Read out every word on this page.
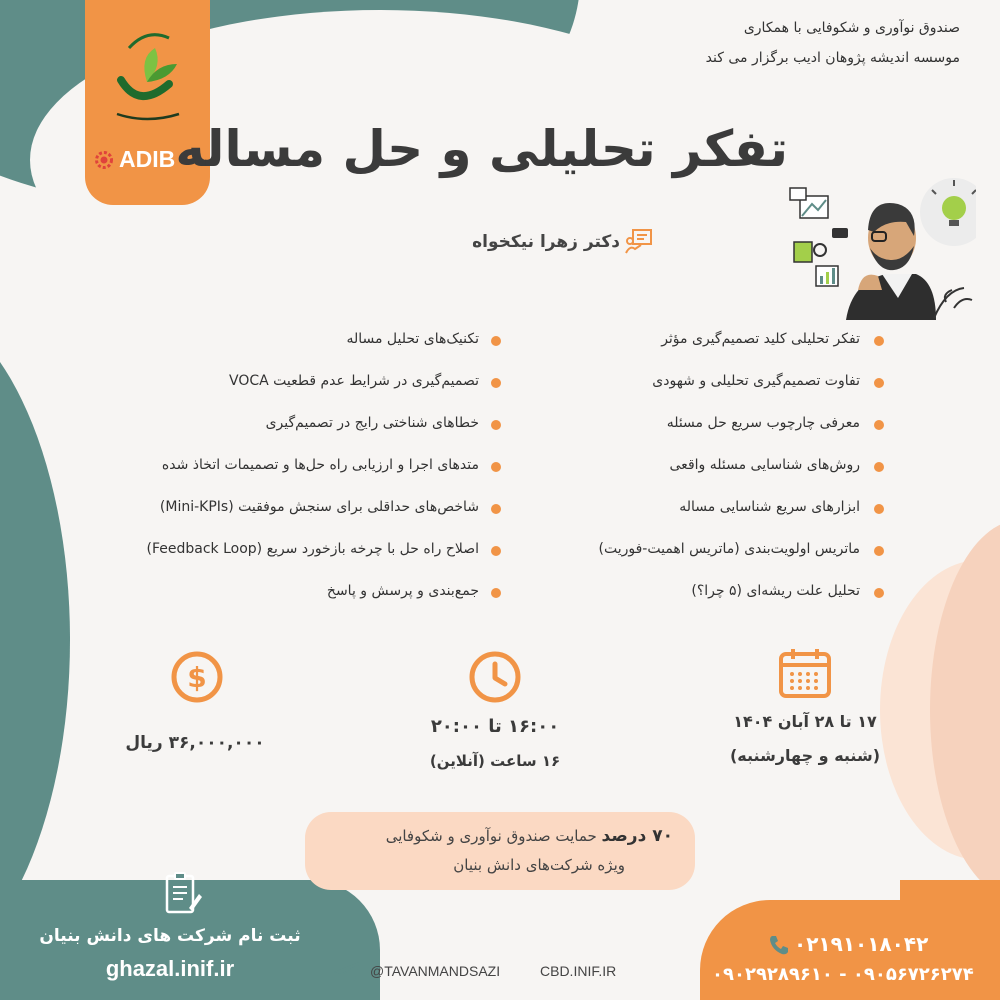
ADIB
صندوق نوآوری و شکوفایی با همکاری
موسسه اندیشه پژوهان ادیب برگزار می کند
تفکر تحلیلی و حل مساله
دکتر زهرا نیکخواه
تفکر تحلیلی کلید تصمیم‌گیری مؤثر
تفاوت تصمیم‌گیری تحلیلی و شهودی
معرفی چارچوب سریع حل مسئله
روش‌های شناسایی مسئله واقعی
ابزارهای سریع شناسایی مساله
ماتریس اولویت‌بندی (ماتریس اهمیت-فوریت)
تحلیل علت ریشه‌ای (۵ چرا؟)
تکنیک‌های تحلیل مساله
تصمیم‌گیری در شرایط عدم قطعیت VOCA
خطاهای شناختی رایج در تصمیم‌گیری
متدهای اجرا و ارزیابی راه حل‌ها و تصمیمات اتخاذ شده
شاخص‌های حداقلی برای سنجش موفقیت (Mini-KPIs)
اصلاح راه حل با چرخه بازخورد سریع (Feedback Loop)
جمع‌بندی و پرسش و پاسخ
۱۷ تا ۲۸ آبان ۱۴۰۴
(شنبه و چهارشنبه)
۱۶:۰۰ تا ۲۰:۰۰
۱۶ ساعت (آنلاین)
$
۳۶,۰۰۰,۰۰۰ ریال
۷۰ درصد حمایت صندوق نوآوری و شکوفایی
ویژه شرکت‌های دانش بنیان
ثبت نام شرکت های دانش بنیان
ghazal.inif.ir	@TAVANMANDSAZI	CBD.INIF.IR
۰۲۱۹۱۰۱۸۰۴۲
۰۹۰۵۶۷۲۶۲۷۴ - ۰۹۰۲۹۲۸۹۶۱۰
